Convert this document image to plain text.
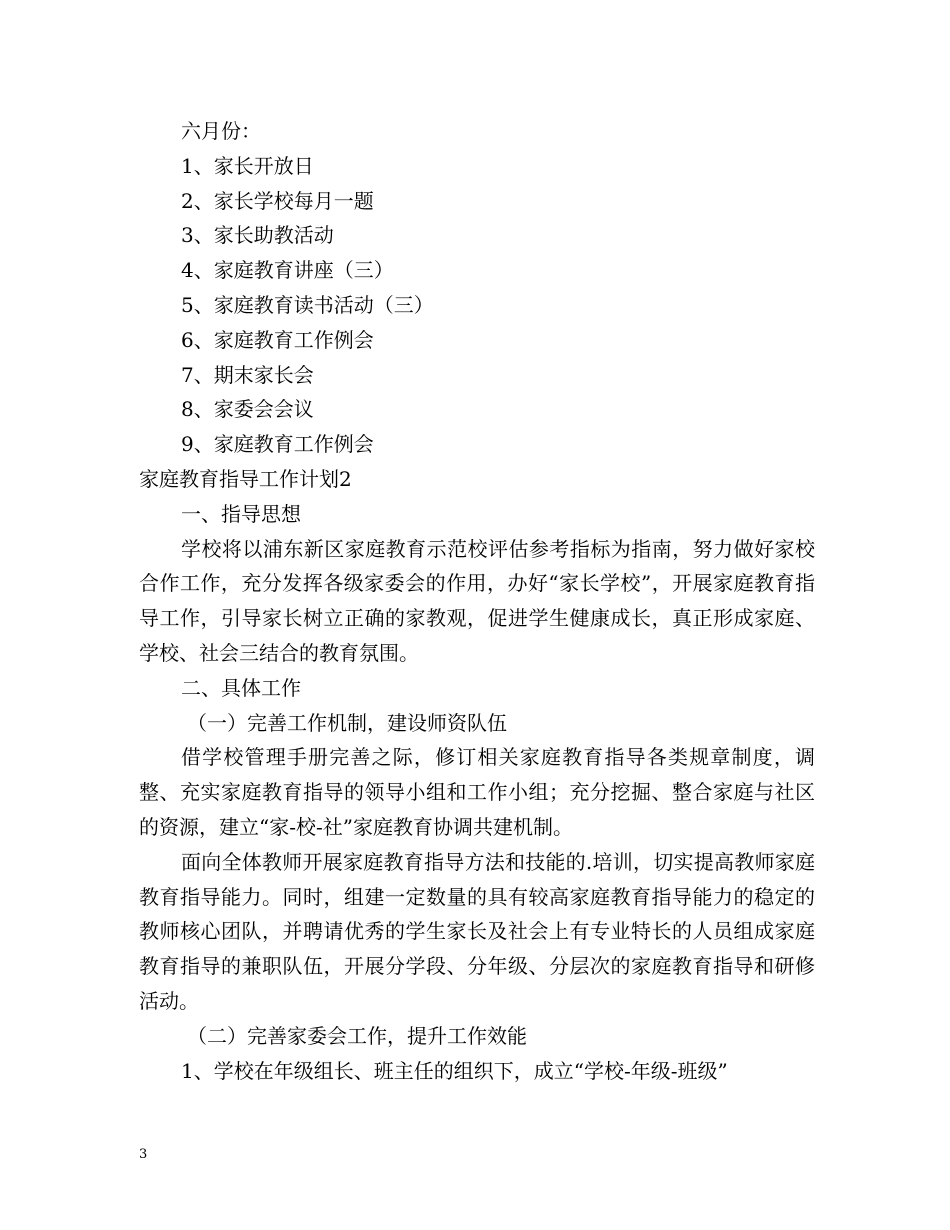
六月份：

1、家长开放日

2、家长学校每月一题

3、家长助教活动

4、家庭教育讲座（三）

5、家庭教育读书活动（三）

6、家庭教育工作例会

7、期末家长会

8、家委会会议

9、家庭教育工作例会

家庭教育指导工作计划2

一、指导思想

学校将以浦东新区家庭教育示范校评估参考指标为指南，努力做好家校合作工作，充分发挥各级家委会的作用，办好“家长学校”，开展家庭教育指导工作，引导家长树立正确的家教观，促进学生健康成长，真正形成家庭、学校、社会三结合的教育氛围。

二、具体工作

（一）完善工作机制，建设师资队伍

借学校管理手册完善之际，修订相关家庭教育指导各类规章制度，调整、充实家庭教育指导的领导小组和工作小组；充分挖掘、整合家庭与社区的资源，建立“家-校-社”家庭教育协调共建机制。

面向全体教师开展家庭教育指导方法和技能的.培训，切实提高教师家庭教育指导能力。同时，组建一定数量的具有较高家庭教育指导能力的稳定的教师核心团队，并聘请优秀的学生家长及社会上有专业特长的人员组成家庭教育指导的兼职队伍，开展分学段、分年级、分层次的家庭教育指导和研修活动。

（二）完善家委会工作，提升工作效能

1、学校在年级组长、班主任的组织下，成立“学校-年级-班级”

3
